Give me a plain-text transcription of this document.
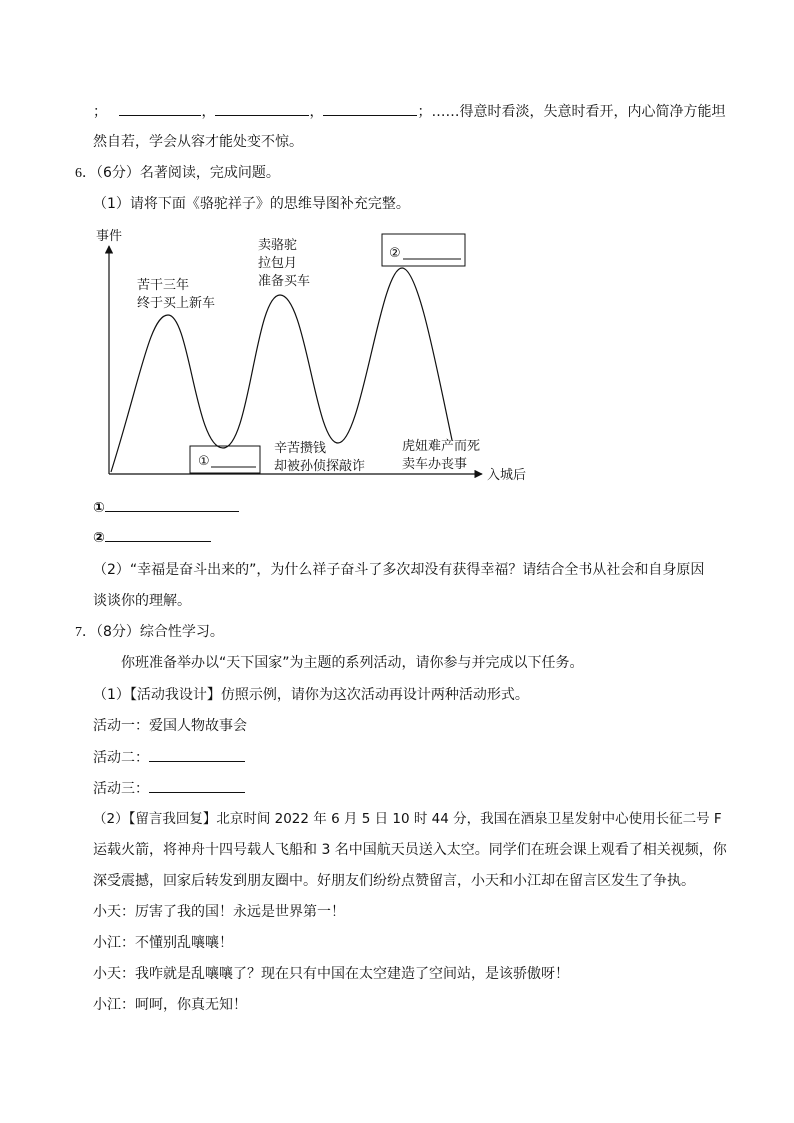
；	，	，	；……得意时看淡，失意时看开，内心简净方能坦
然自若，学会从容才能处变不惊。
6．（6分）名著阅读，完成问题。
（1）请将下面《骆驼祥子》的思维导图补充完整。
事件
入城后
苦干三年
终于买上新车
卖骆驼
拉包月
准备买车
②
①
辛苦攒钱
却被孙侦探敲诈
虎妞难产而死
卖车办丧事
①
②
（2）“幸福是奋斗出来的”，为什么祥子奋斗了多次却没有获得幸福？请结合全书从社会和自身原因
谈谈你的理解。
7．（8分）综合性学习。
你班准备举办以“天下国家”为主题的系列活动，请你参与并完成以下任务。
（1）【活动我设计】仿照示例，请你为这次活动再设计两种活动形式。
活动一：爱国人物故事会
活动二：
活动三：
（2）【留言我回复】北京时间 2022 年 6 月 5 日 10 时 44 分，我国在酒泉卫星发射中心使用长征二号 F
运载火箭，将神舟十四号载人飞船和 3 名中国航天员送入太空。同学们在班会课上观看了相关视频，你
深受震撼，回家后转发到朋友圈中。好朋友们纷纷点赞留言，小天和小江却在留言区发生了争执。
小天：厉害了我的国！永远是世界第一！
小江：不懂别乱嚷嚷！
小天：我咋就是乱嚷嚷了？现在只有中国在太空建造了空间站，是该骄傲呀！
小江：呵呵，你真无知！
